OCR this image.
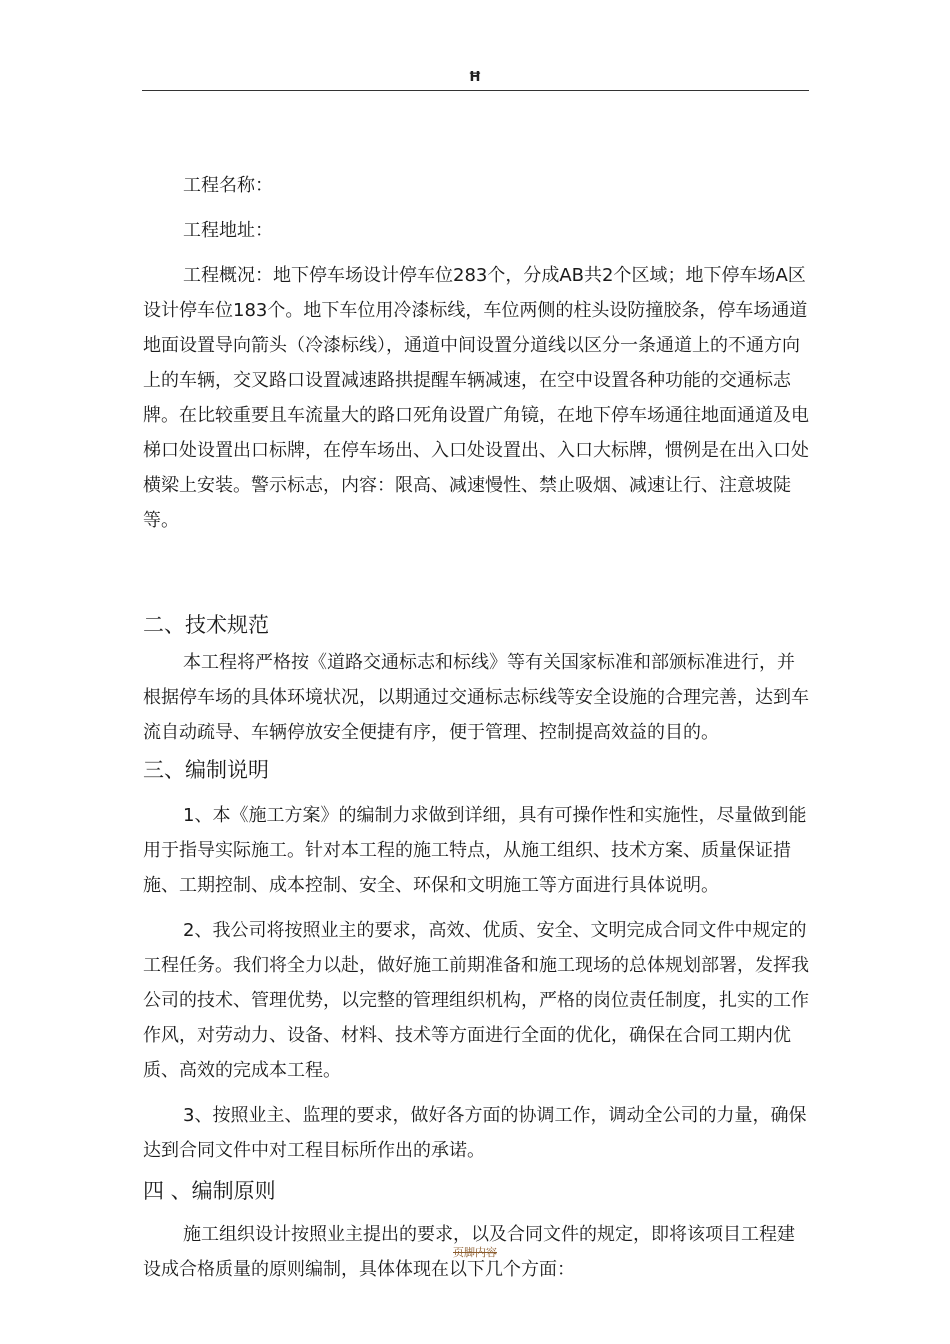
Ħ

工程名称：

工程地址：

工程概况：地下停车场设计停车位283个，分成AB共2个区域；地下停车场A区设计停车位183个。地下车位用冷漆标线，车位两侧的柱头设防撞胶条，停车场通道地面设置导向箭头（冷漆标线），通道中间设置分道线以区分一条通道上的不通方向上的车辆，交叉路口设置减速路拱提醒车辆减速，在空中设置各种功能的交通标志牌。在比较重要且车流量大的路口死角设置广角镜，在地下停车场通往地面通道及电梯口处设置出口标牌，在停车场出、入口处设置出、入口大标牌，惯例是在出入口处横梁上安装。警示标志，内容：限高、减速慢性、禁止吸烟、减速让行、注意坡陡等。

二、技术规范

本工程将严格按《道路交通标志和标线》等有关国家标准和部颁标准进行，并根据停车场的具体环境状况，以期通过交通标志标线等安全设施的合理完善，达到车流自动疏导、车辆停放安全便捷有序，便于管理、控制提高效益的目的。

三、编制说明

1、本《施工方案》的编制力求做到详细，具有可操作性和实施性，尽量做到能用于指导实际施工。针对本工程的施工特点，从施工组织、技术方案、质量保证措施、工期控制、成本控制、安全、环保和文明施工等方面进行具体说明。

2、我公司将按照业主的要求，高效、优质、安全、文明完成合同文件中规定的工程任务。我们将全力以赴，做好施工前期准备和施工现场的总体规划部署，发挥我公司的技术、管理优势，以完整的管理组织机构，严格的岗位责任制度，扎实的工作作风，对劳动力、设备、材料、技术等方面进行全面的优化，确保在合同工期内优质、高效的完成本工程。

3、按照业主、监理的要求，做好各方面的协调工作，调动全公司的力量，确保达到合同文件中对工程目标所作出的承诺。

四 、编制原则

施工组织设计按照业主提出的要求，以及合同文件的规定，即将该项目工程建设成合格质量的原则编制，具体体现在以下几个方面：

页脚内容
